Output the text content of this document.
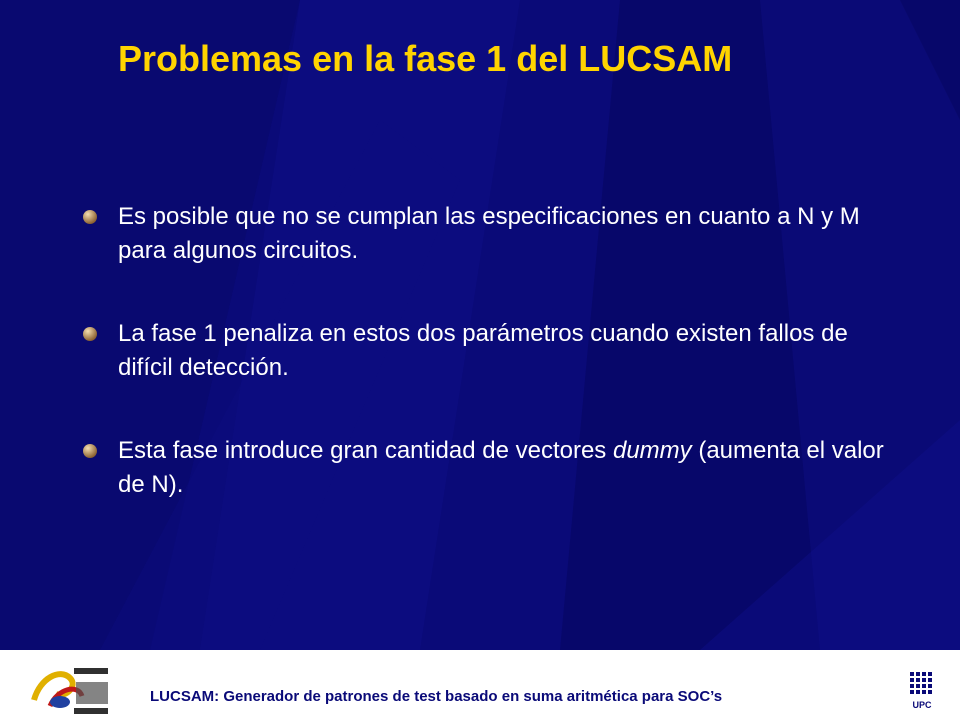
Problemas en la fase 1 del LUCSAM
Es posible que no se cumplan las especificaciones en cuanto a N y M para algunos circuitos.
La fase 1 penaliza en estos dos parámetros cuando existen fallos de difícil detección.
Esta fase introduce gran cantidad de vectores dummy (aumenta el valor de N).
LUCSAM: Generador de patrones de test basado en suma aritmética para SOC’s	UPC
